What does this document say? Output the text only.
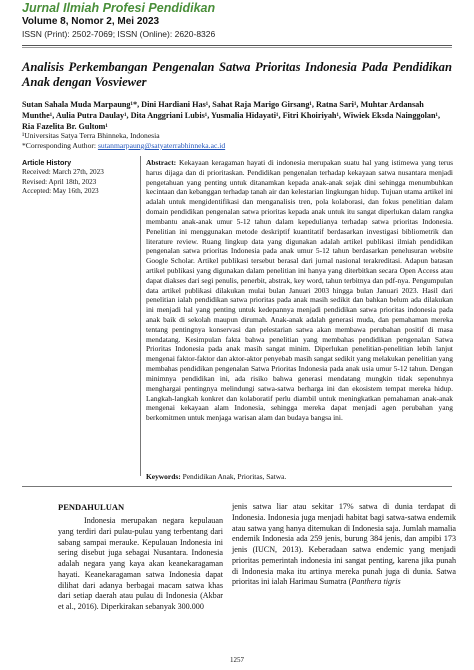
Jurnal Ilmiah Profesi Pendidikan
Volume 8, Nomor 2, Mei 2023
ISSN (Print): 2502-7069; ISSN (Online): 2620-8326
Analisis Perkembangan Pengenalan Satwa Prioritas Indonesia Pada Pendidikan Anak dengan Vosviewer
Sutan Sahala Muda Marpaung¹*, Dini Hardiani Has¹, Sahat Raja Marigo Girsang¹, Ratna Sari¹, Muhtar Ardansah Munthe¹, Aulia Putra Daulay¹, Dita Anggriani Lubis¹, Yusmalia Hidayati¹, Fitri Khoiriyah¹, Wiwiek Eksda Nainggolan¹, Ria Fazelita Br. Gultom¹
¹Universitas Satya Terra Bhinneka, Indonesia
*Corresponding Author: sutanmarpaung@satyaterrabhinneka.ac.id
Article History
Received: March 27th, 2023
Revised: April 18th, 2023
Accepted: May 16th, 2023
Abstract: Kekayaan keragaman hayati di indonesia merupakan suatu hal yang istimewa yang terus harus dijaga dan di prioritaskan. Pendidikan pengenalan terhadap kekayaan satwa nusantara menjadi pengetahuan yang penting untuk ditanamkan kepada anak-anak sejak dini sehingga menumbuhkan kecintaan dan kebanggan terhadap tanah air dan kelestarian lingkungan hidup. Tujuan utama artikel ini adalah untuk mengidentifikasi dan menganalisis tren, pola kolaborasi, dan fokus penelitian dalam domain pendidikan pengenalan satwa prioritas kepada anak untuk itu sangat diperlukan dalam rangka membantu anak-anak umur 5-12 tahun dalam kepedulianya terhadap satwa prioritas Indonesia. Penelitian ini menggunakan metode deskriptif kuantitatif berdasarkan investigasi bibliometrik dan literature review. Ruang lingkup data yang digunakan adalah artikel publikasi ilmiah pendidikan pengenalan satwa prioritas Indonesia pada anak umur 5-12 tahun berdasarkan penelusuran website Google Scholar. Artikel publikasi tersebut berasal dari jurnal nasional terakreditasi. Adapun batasan artikel publikasi yang digunakan dalam penelitian ini hanya yang diterbitkan secara Open Access atau dapat diakses dari segi penulis, penerbit, abstrak, key word, tahun terbitnya dan pdf-nya. Pengumpulan data artikel publikasi dilakukan mulai bulan Januari 2003 hingga bulan Januari 2023. Hasil dari penelitian ialah pendidikan satwa prioritas pada anak masih sedikit dan bahkan belum ada dilakukan ini menjadi hal yang penting untuk kedepannya menjadi pendidikan satwa prioritas indonesia pada anak baik di sekolah maupun dirumah. Anak-anak adalah generasi muda, dan pemahaman mereka tentang pentingnya konservasi dan pelestarian satwa akan membawa perubahan positif di masa mendatang. Kesimpulan fakta bahwa penelitian yang membahas pendidikan pengenalan Satwa Prioritas Indonesia pada anak masih sangat minim. Diperlukan penelitian-penelitian lebih lanjut mengenai faktor-faktor dan aktor-aktor penyebab masih sangat sedikit yang melakukan penelitian yang membahas pendidikan pengenalan Satwa Prioritas Indonesia pada anak usia umur 5-12 tahun. Dengan minimnya pendidikan ini, ada risiko bahwa generasi mendatang mungkin tidak sepenuhnya menghargai pentingnya melindungi satwa-satwa berharga ini dan ekosistem tempat mereka hidup. Langkah-langkah konkret dan kolaboratif perlu diambil untuk meningkatkan pemahaman anak-anak mengenai kekayaan alam Indonesia, sehingga mereka dapat menjadi agen perubahan yang berkomitmen untuk menjaga warisan alam dan budaya bangsa ini.
Keywords: Pendidikan Anak, Prioritas, Satwa.
PENDAHULUAN
Indonesia merupakan negara kepulauan yang terdiri dari pulau-pulau yang terbentang dari sabang sampai merauke. Kepulauan Indonesia ini sering disebut juga sebagai Nusantara. Indonesia adalah negara yang kaya akan keanekaragaman hayati. Keanekaragaman satwa Indonesia dapat dilihat dari adanya berbagai macam satwa khas dari setiap daerah atau pulau di Indonesia (Akbar et al., 2016). Diperkirakan sebanyak 300.000
jenis satwa liar atau sekitar 17% satwa di dunia terdapat di Indonesia. Indonesia juga menjadi habitat bagi satwa-satwa endemik atau satwa yang hanya ditemukan di Indonesia saja. Jumlah mamalia endemik Indonesia ada 259 jenis, burung 384 jenis, dan ampibi 173 jenis (IUCN, 2013). Keberadaan satwa endemic yang menjadi prioritas pemerintah indonesia ini sangat penting, karena jika punah di Indonesia maka itu artinya mereka punah juga di dunia. Satwa prioritas ini ialah Harimau Sumatra (Panthera tigris
1257
